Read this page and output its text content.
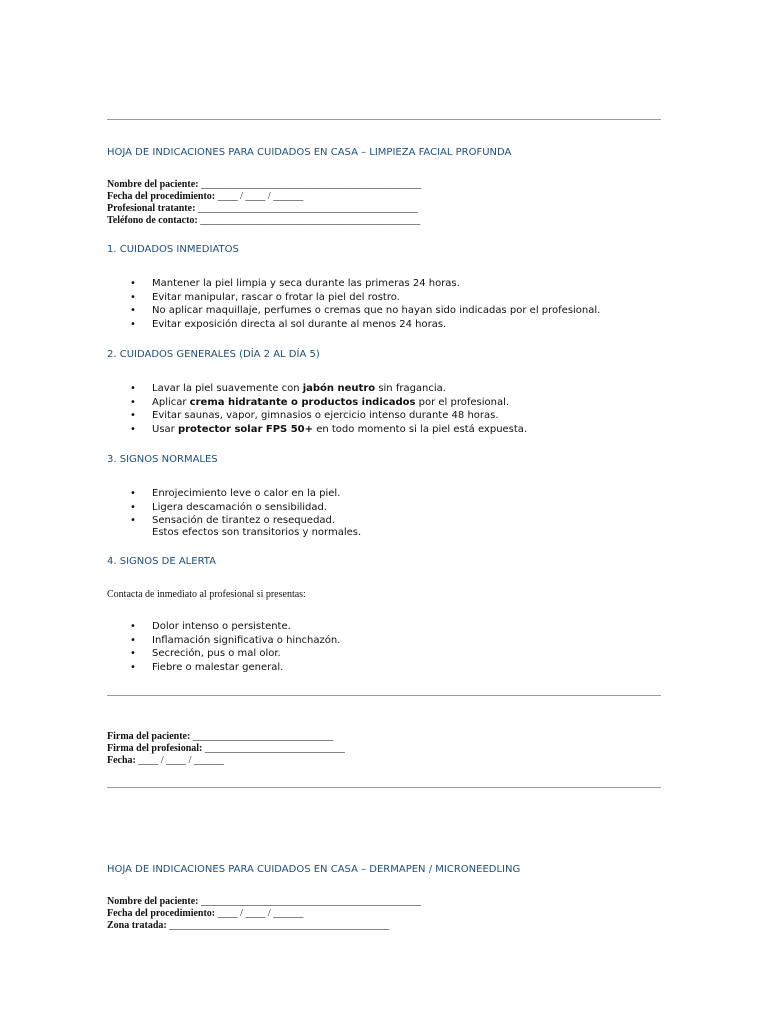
HOJA DE INDICACIONES PARA CUIDADOS EN CASA – LIMPIEZA FACIAL PROFUNDA
Nombre del paciente: ____________________________________________
Fecha del procedimiento: ____ / ____ / ______
Profesional tratante: ____________________________________________
Teléfono de contacto: ____________________________________________
1. CUIDADOS INMEDIATOS
• Mantener la piel limpia y seca durante las primeras 24 horas.
• Evitar manipular, rascar o frotar la piel del rostro.
• No aplicar maquillaje, perfumes o cremas que no hayan sido indicadas por el profesional.
• Evitar exposición directa al sol durante al menos 24 horas.
2. CUIDADOS GENERALES (DÍA 2 AL DÍA 5)
• Lavar la piel suavemente con jabón neutro sin fragancia.
• Aplicar crema hidratante o productos indicados por el profesional.
• Evitar saunas, vapor, gimnasios o ejercicio intenso durante 48 horas.
• Usar protector solar FPS 50+ en todo momento si la piel está expuesta.
3. SIGNOS NORMALES
• Enrojecimiento leve o calor en la piel.
• Ligera descamación o sensibilidad.
• Sensación de tirantez o resequedad.
Estos efectos son transitorios y normales.
4. SIGNOS DE ALERTA
Contacta de inmediato al profesional si presentas:
• Dolor intenso o persistente.
• Inflamación significativa o hinchazón.
• Secreción, pus o mal olor.
• Fiebre o malestar general.
Firma del paciente: ____________________________
Firma del profesional: ____________________________
Fecha: ____ / ____ / ______
HOJA DE INDICACIONES PARA CUIDADOS EN CASA – DERMAPEN / MICRONEEDLING
Nombre del paciente: ____________________________________________
Fecha del procedimiento: ____ / ____ / ______
Zona tratada: ____________________________________________
